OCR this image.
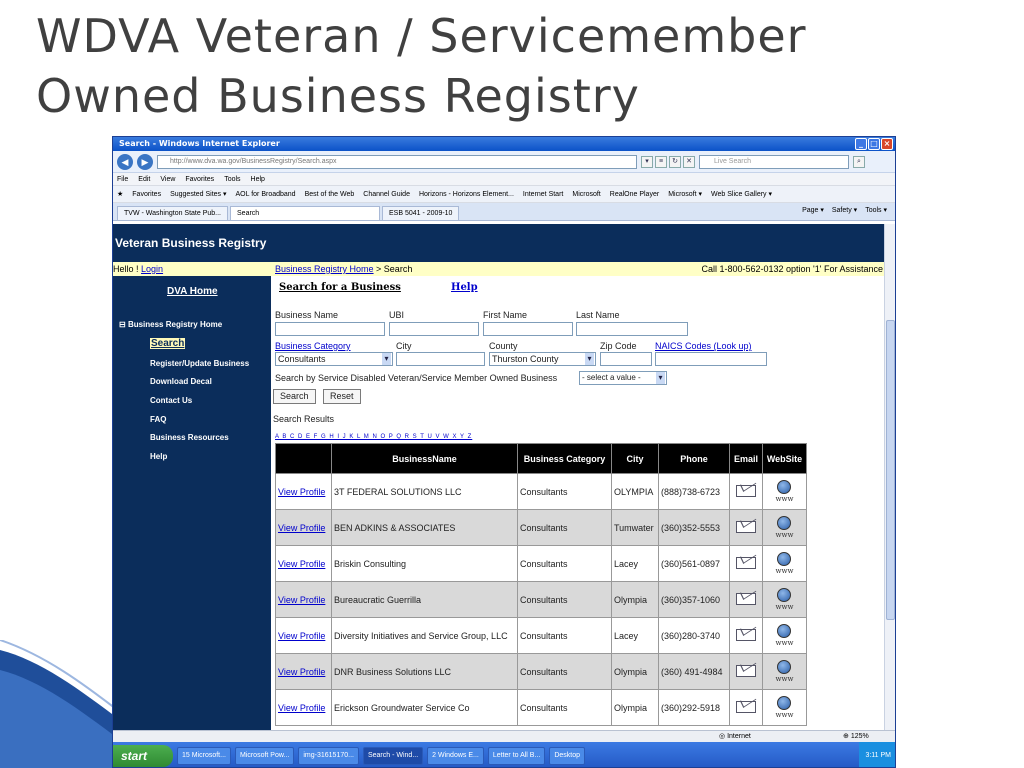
WDVA Veteran / Servicemember
Owned Business Registry
Search - Windows Internet Explorer	_ □ ×
◀	▶	http://www.dva.wa.gov/BusinessRegistry/Search.aspx	▾	≡	↻	✕	Live Search	⌕
File Edit View Favorites Tools Help
★ Favorites Suggested Sites ▾ AOL for Broadband Best of the Web Channel Guide Horizons - Horizons Element... Internet Start Microsoft RealOne Player Microsoft ▾ Web Slice Gallery ▾
TVW - Washington State Pub...	Search	ESB 5041 - 2009-10	Page ▾ Safety ▾ Tools ▾
Veteran Business Registry
Hello ! Login	Business Registry Home > Search	Call 1-800-562-0132 option '1' For Assistance
DVA Home
⊟ Business Registry Home
Search
Register/Update Business
Download Decal
Contact Us
FAQ
Business Resources
Help
Search for a Business	Help
Business Name	UBI	First Name	Last Name
Business Category	City	County	Zip Code NAICS Codes (Look up)
Consultants ▾	Thurston County ▾
Search by Service Disabled Veteran/Service Member Owned Business	- select a value - ▾
Search	Reset
Search Results
A B C D E F G H I J K L M N O P Q R S T U V W X Y Z
	BusinessName	Business Category	City	Phone	Email	WebSite
View Profile	3T FEDERAL SOLUTIONS LLC	Consultants	OLYMPIA	(888)738-6723		www
View Profile	BEN ADKINS & ASSOCIATES	Consultants	Tumwater	(360)352-5553		www
View Profile	Briskin Consulting	Consultants	Lacey	(360)561-0897		www
View Profile	Bureaucratic Guerrilla	Consultants	Olympia	(360)357-1060		www
View Profile	Diversity Initiatives and Service Group, LLC	Consultants	Lacey	(360)280-3740		www
View Profile	DNR Business Solutions LLC	Consultants	Olympia	(360) 491-4984		www
View Profile	Erickson Groundwater Service Co	Consultants	Olympia	(360)292-5918		www
◎ Internet	⊕ 125%
start	15 Microsoft...	Microsoft Pow...	img-31615170...	Search - Wind...	2 Windows E...	Letter to All B...	Desktop	3:11 PM
